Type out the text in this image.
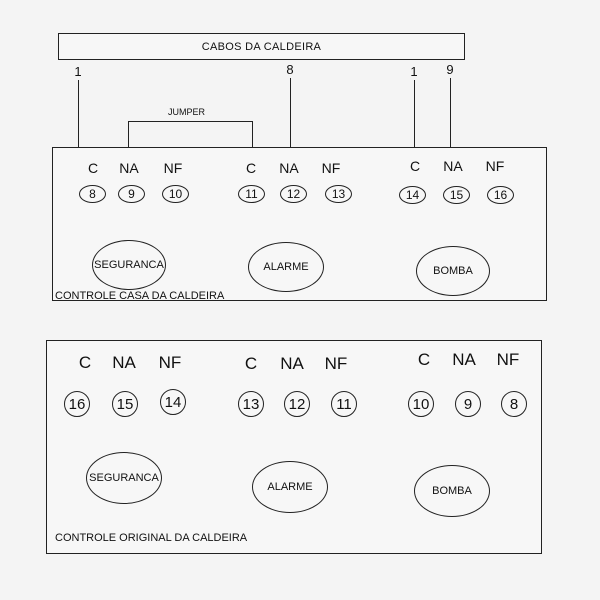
CABOS DA CALDEIRA
1	8	1	9
JUMPER
C	NA	NF
8	9	10
SEGURANCA
C	NA	NF
11	12	13
ALARME
C	NA	NF
14	15	16
BOMBA
CONTROLE CASA DA CALDEIRA
C	NA	NF
16	15	14
SEGURANCA
C	NA	NF
13	12	11
ALARME
C	NA	NF
10	9	8
BOMBA
CONTROLE ORIGINAL DA CALDEIRA
